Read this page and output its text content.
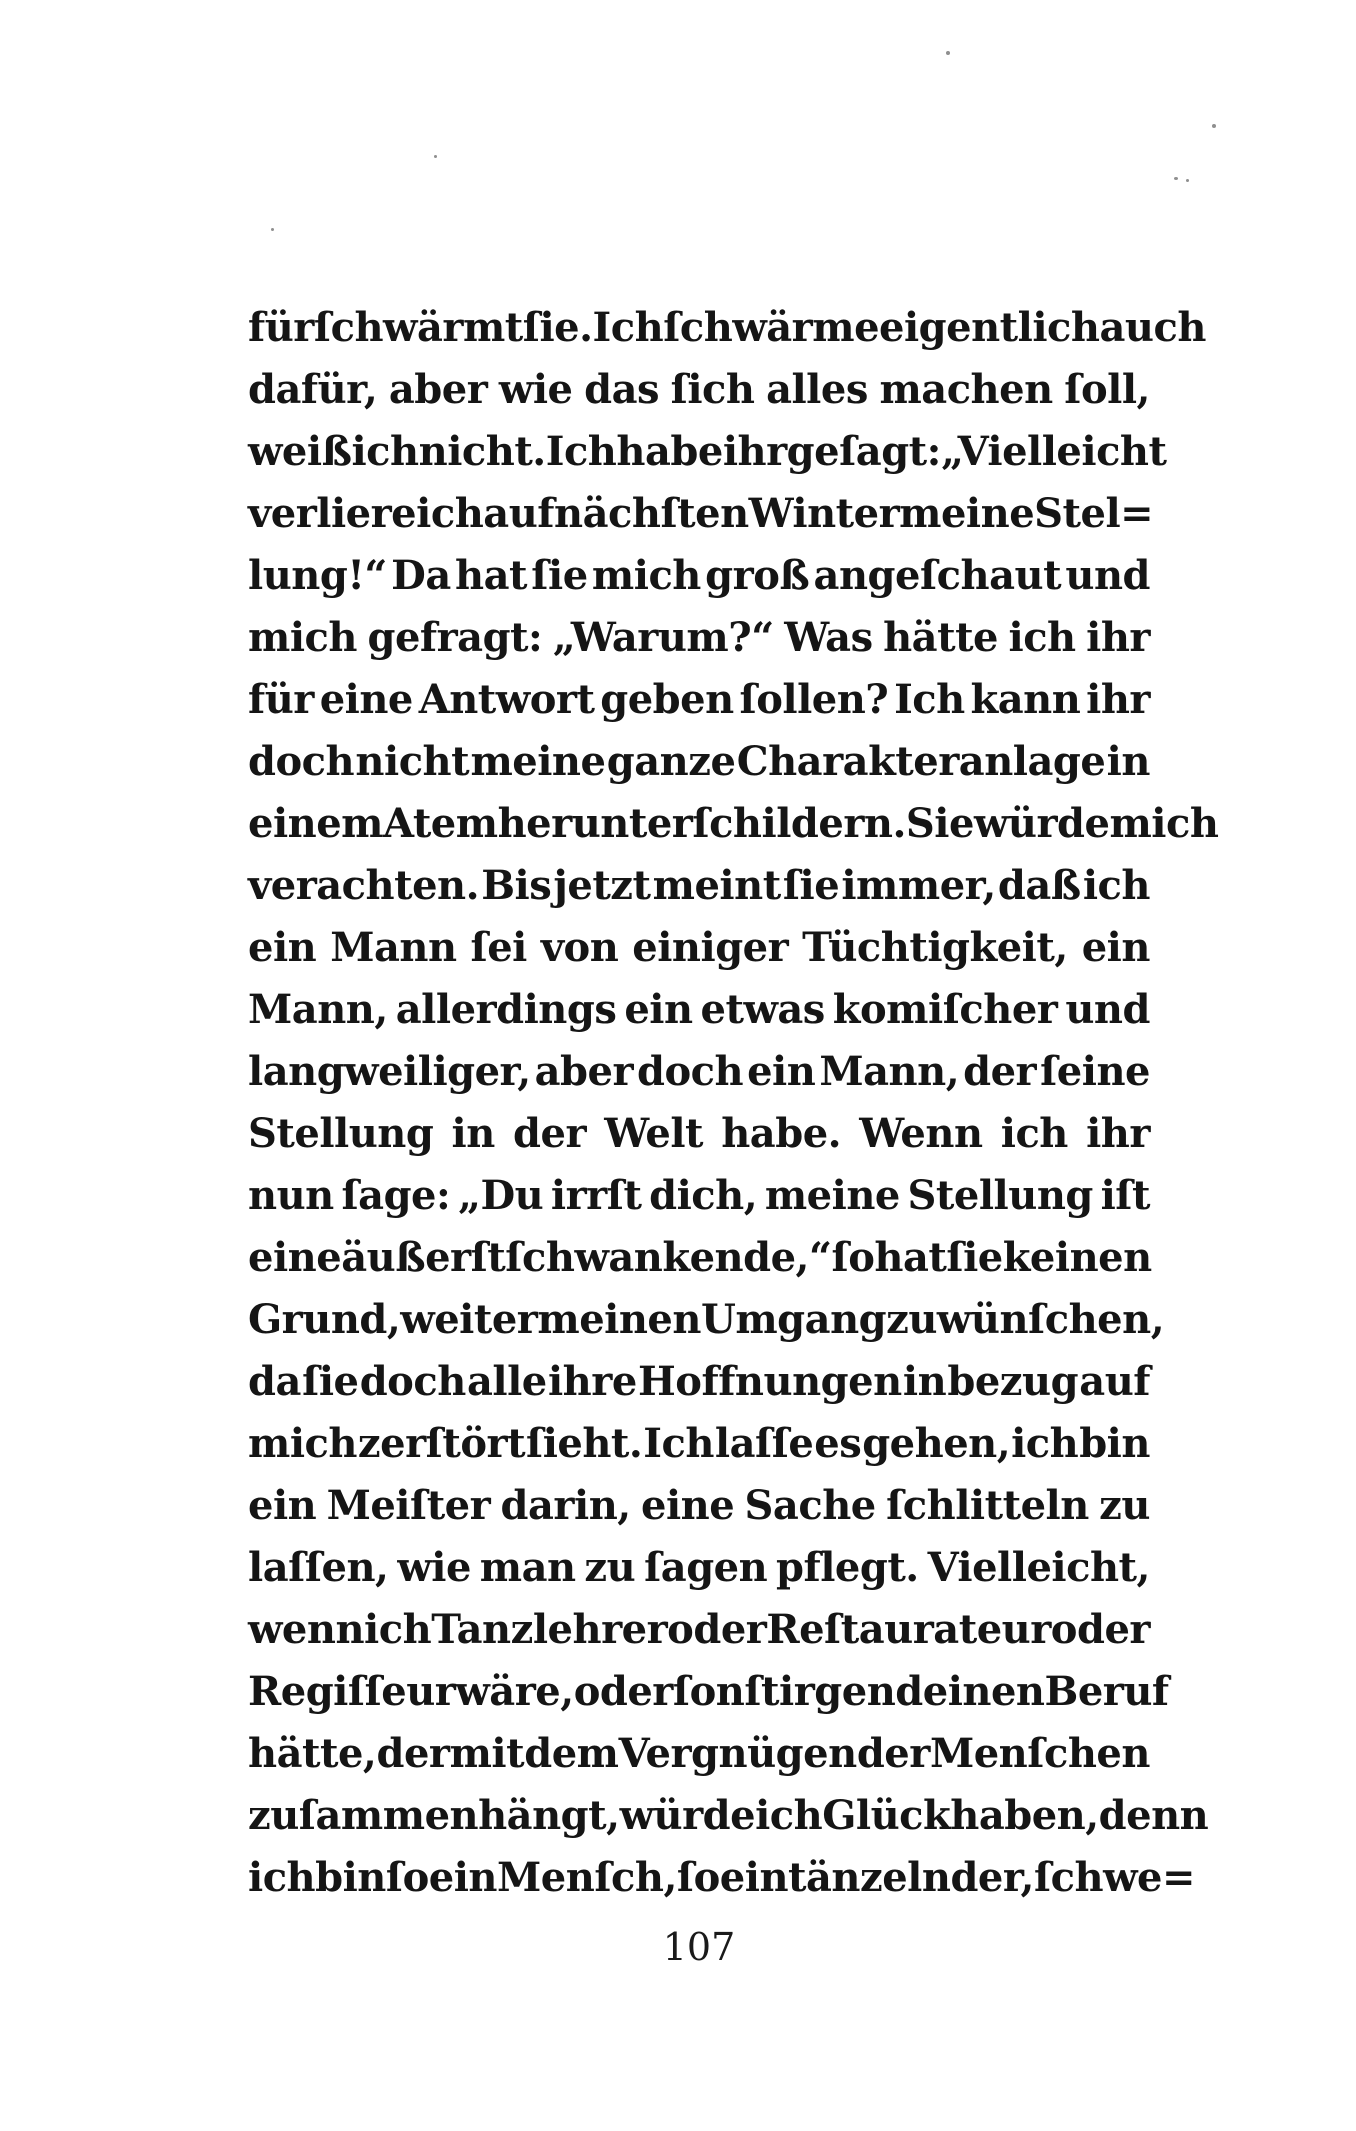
für ſchwärmt ſie. Ich ſchwärme eigentlich auch
dafür, aber wie das ſich alles machen ſoll,
weiß ich nicht. Ich habe ihr geſagt: „Vielleicht
verliere ich auf nächſten Winter meine Stel=
lung!“ Da hat ſie mich groß angeſchaut und
mich gefragt: „Warum?“ Was hätte ich ihr
für eine Antwort geben ſollen? Ich kann ihr
doch nicht meine ganze Charakteranlage in
einem Atem herunterſchildern. Sie würde mich
verachten. Bis jetzt meint ſie immer, daß ich
ein Mann ſei von einiger Tüchtigkeit, ein
Mann, allerdings ein etwas komiſcher und
langweiliger, aber doch ein Mann, der ſeine
Stellung in der Welt habe. Wenn ich ihr
nun ſage: „Du irrſt dich, meine Stellung iſt
eine äußerſt ſchwankende,“ ſo hat ſie keinen
Grund, weiter meinen Umgang zu wünſchen,
da ſie doch alle ihre Hoffnungen in bezug auf
mich zerſtört ſieht. Ich laſſe es gehen, ich bin
ein Meiſter darin, eine Sache ſchlitteln zu
laſſen, wie man zu ſagen pflegt. Vielleicht,
wenn ich Tanzlehrer oder Reſtaurateur oder
Regiſſeur wäre, oder ſonſt irgendeinen Beruf
hätte, der mit dem Vergnügen der Menſchen
zuſammenhängt, würde ich Glück haben, denn
ich bin ſo ein Menſch, ſo ein tänzelnder, ſchwe=
107
